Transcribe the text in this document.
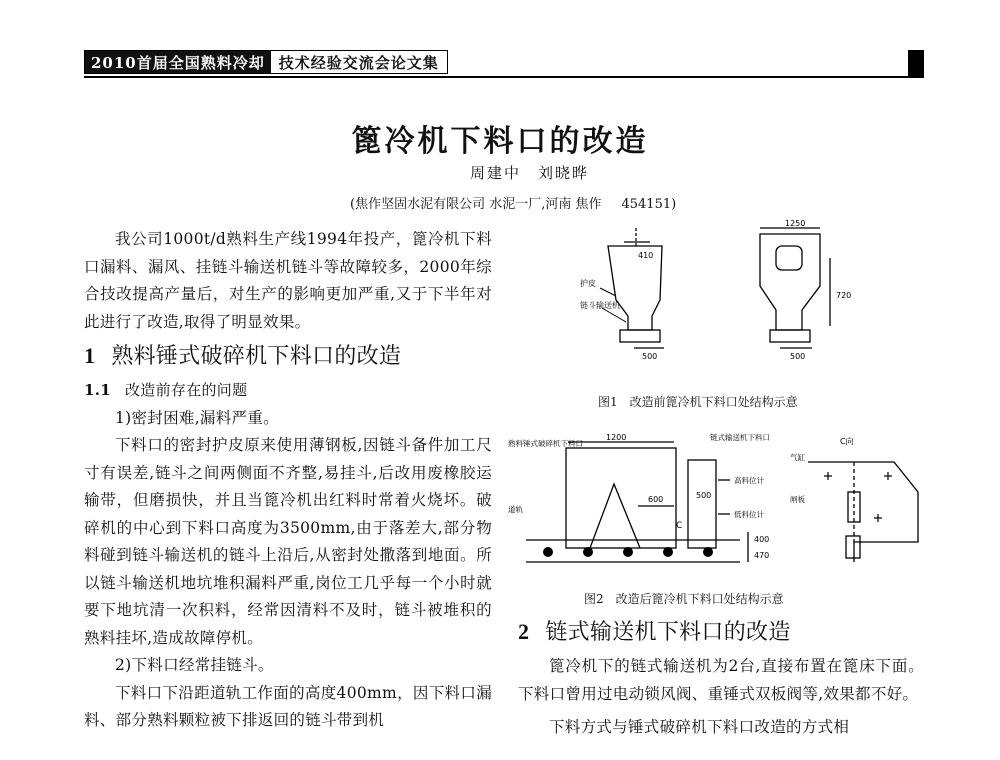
2010首届全国熟料冷却 技术经验交流会论文集
篦冷机下料口的改造
周建中　刘晓晔
(焦作坚固水泥有限公司 水泥一厂,河南 焦作 454151)

我公司1000t/d熟料生产线1994年投产，篦冷机下料口漏料、漏风、挂链斗输送机链斗等故障较多，2000年综合技改提高产量后，对生产的影响更加严重,又于下半年对此进行了改造,取得了明显效果。

1 熟料锤式破碎机下料口的改造
1.1 改造前存在的问题

1)密封困难,漏料严重。

下料口的密封护皮原来使用薄钢板,因链斗备件加工尺寸有误差,链斗之间两侧面不齐整,易挂斗,后改用废橡胶运输带，但磨损快，并且当篦冷机出红料时常着火烧坏。破碎机的中心到下料口高度为3500mm,由于落差大,部分物料碰到链斗输送机的链斗上沿后,从密封处撒落到地面。所以链斗输送机地坑堆积漏料严重,岗位工几乎每一个小时就要下地坑清一次积料，经常因清料不及时，链斗被堆积的熟料挂坏,造成故障停机。

2)下料口经常挂链斗。

下料口下沿距道轨工作面的高度400mm，因下料口漏料、部分熟料颗粒被下排返回的链斗带到机

1250
410
500	500
720
护皮
链斗输送机
图1　改造前篦冷机下料口处结构示意
熟料锤式破碎机下料口
链式输送机下料口
高料位计
低料位计
道轨
C向
气缸
闸板
C
1200
600	500
400
470
图2　改造后篦冷机下料口处结构示意
2 链式输送机下料口的改造

篦冷机下的链式输送机为2台,直接布置在篦床下面。下料口曾用过电动锁风阀、重锤式双板阀等,效果都不好。

下料方式与锤式破碎机下料口改造的方式相
